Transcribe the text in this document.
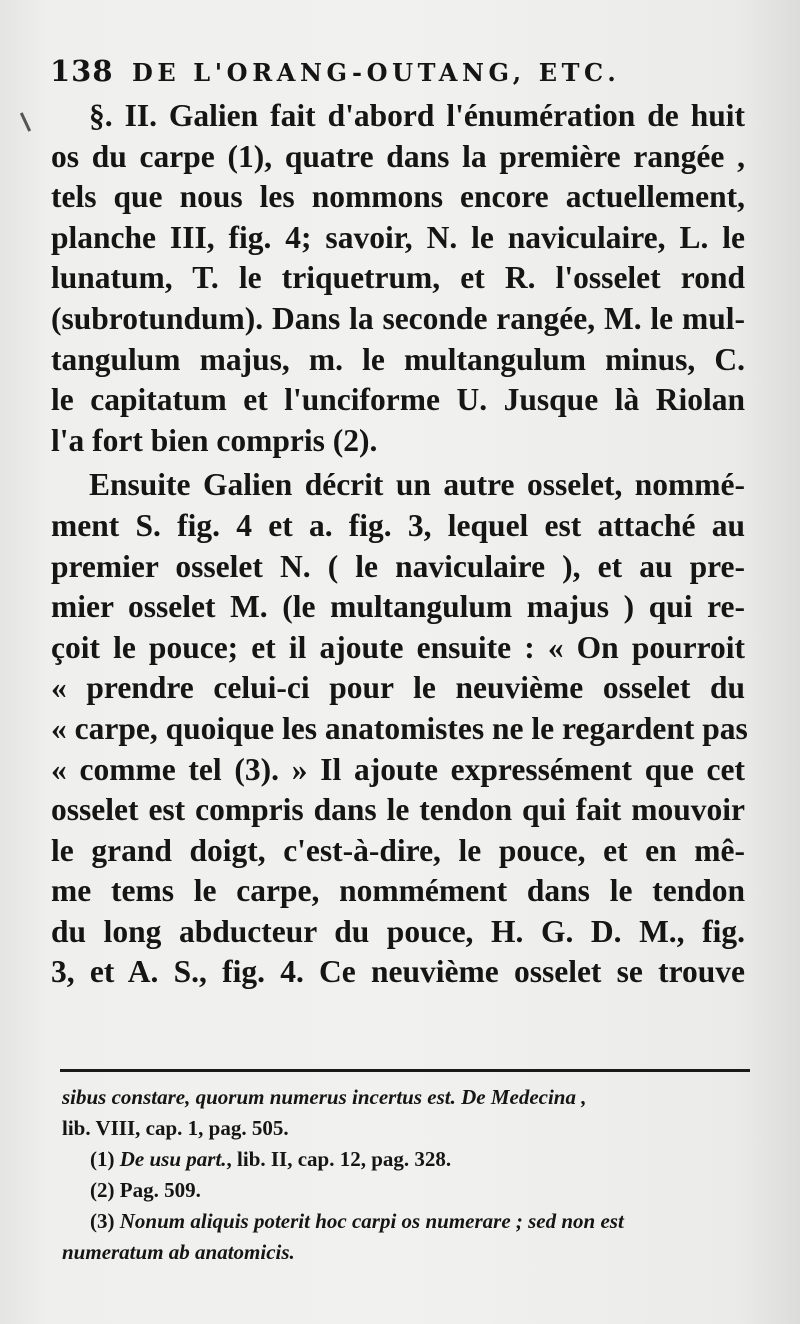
138 DE L'ORANG-OUTANG, ETC.
§. II. Galien fait d'abord l'énumération de huit
os du carpe (1), quatre dans la première rangée ,
tels que nous les nommons encore actuellement,
planche III, fig. 4; savoir, N. le naviculaire, L. le
lunatum, T. le triquetrum, et R. l'osselet rond
(subrotundum). Dans la seconde rangée, M. le mul-
tangulum majus, m. le multangulum minus, C.
le capitatum et l'unciforme U. Jusque là Riolan
l'a fort bien compris (2).
Ensuite Galien décrit un autre osselet, nommé-
ment S. fig. 4 et a. fig. 3, lequel est attaché au
premier osselet N. ( le naviculaire ), et au pre-
mier osselet M. (le multangulum majus ) qui re-
çoit le pouce; et il ajoute ensuite : « On pourroit
« prendre celui-ci pour le neuvième osselet du
« carpe, quoique les anatomistes ne le regardent pas
« comme tel (3). » Il ajoute expressément que cet
osselet est compris dans le tendon qui fait mouvoir
le grand doigt, c'est-à-dire, le pouce, et en mê-
me tems le carpe, nommément dans le tendon
du long abducteur du pouce, H. G. D. M., fig.
3, et A. S., fig. 4. Ce neuvième osselet se trouve
sibus constare, quorum numerus incertus est. De Medecina ,
lib. VIII, cap. 1, pag. 505.
(1) De usu part., lib. II, cap. 12, pag. 328.
(2) Pag. 509.
(3) Nonum aliquis poterit hoc carpi os numerare ; sed non est
numeratum ab anatomicis.
